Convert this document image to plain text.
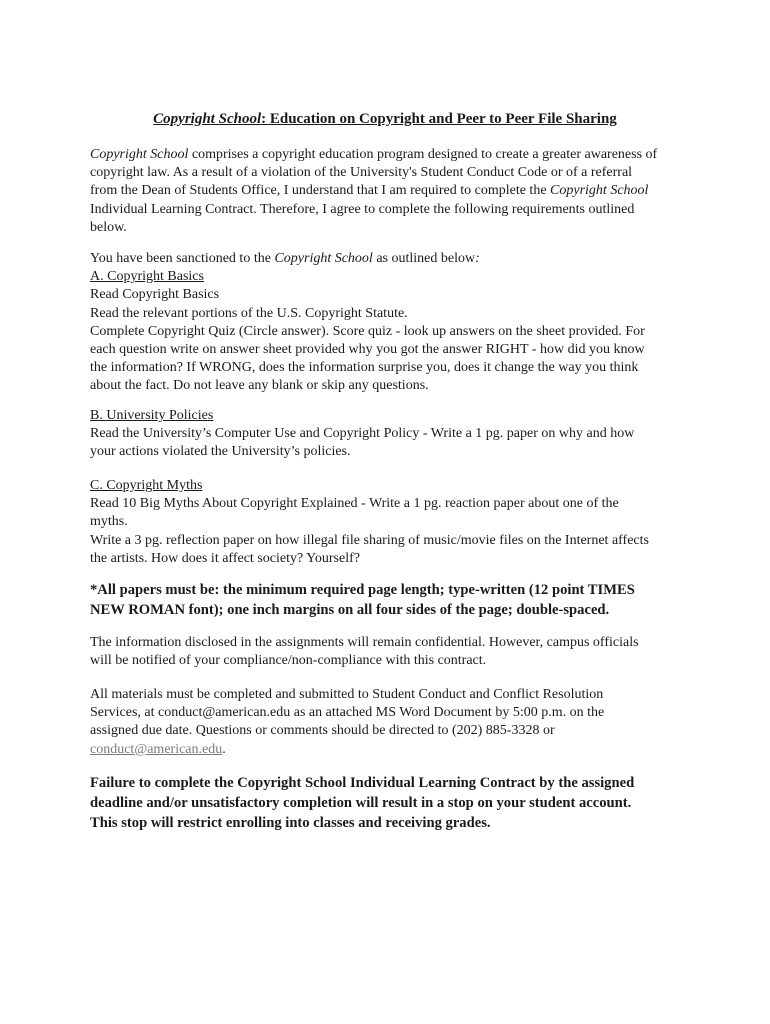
Copyright School: Education on Copyright and Peer to Peer File Sharing
Copyright School comprises a copyright education program designed to create a greater awareness of
copyright law. As a result of a violation of the University's Student Conduct Code or of a referral
from the Dean of Students Office, I understand that I am required to complete the Copyright School
Individual Learning Contract. Therefore, I agree to complete the following requirements outlined
below.
You have been sanctioned to the Copyright School as outlined below:
A. Copyright Basics
Read Copyright Basics
Read the relevant portions of the U.S. Copyright Statute.
Complete Copyright Quiz (Circle answer). Score quiz - look up answers on the sheet provided. For
each question write on answer sheet provided why you got the answer RIGHT - how did you know
the information? If WRONG, does the information surprise you, does it change the way you think
about the fact. Do not leave any blank or skip any questions.
B. University Policies
Read the University’s Computer Use and Copyright Policy - Write a 1 pg. paper on why and how
your actions violated the University’s policies.
C. Copyright Myths
Read 10 Big Myths About Copyright Explained - Write a 1 pg. reaction paper about one of the
myths.
Write a 3 pg. reflection paper on how illegal file sharing of music/movie files on the Internet affects
the artists. How does it affect society? Yourself?
*All papers must be: the minimum required page length; type-written (12 point TIMES
NEW ROMAN font); one inch margins on all four sides of the page; double-spaced.
The information disclosed in the assignments will remain confidential. However, campus officials
will be notified of your compliance/non-compliance with this contract.
All materials must be completed and submitted to Student Conduct and Conflict Resolution
Services, at conduct@american.edu as an attached MS Word Document by 5:00 p.m. on the
assigned due date. Questions or comments should be directed to (202) 885-3328 or
conduct@american.edu.
Failure to complete the Copyright School Individual Learning Contract by the assigned
deadline and/or unsatisfactory completion will result in a stop on your student account.
This stop will restrict enrolling into classes and receiving grades.
